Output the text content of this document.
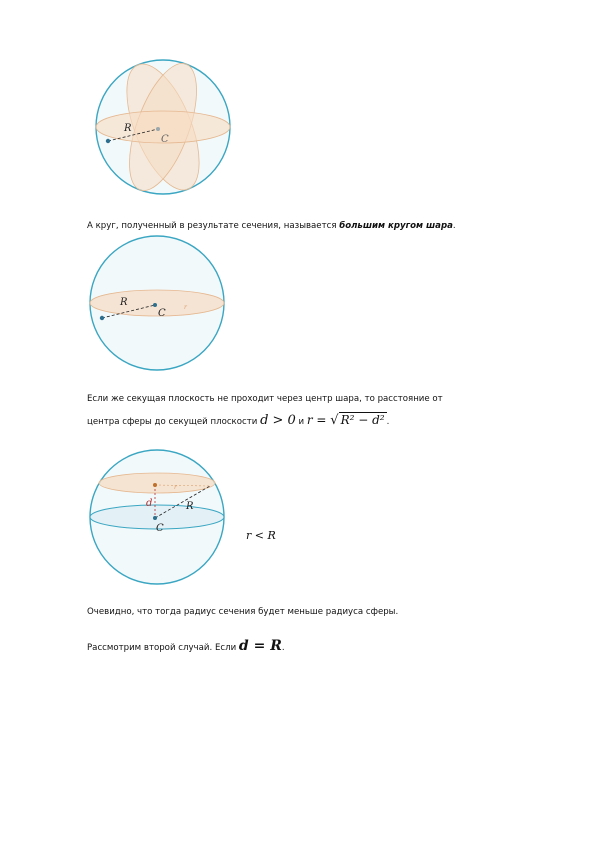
R
C
А круг, полученный в результате сечения, называется большим кругом шара.
R
C
r
Если же секущая плоскость не проходит через центр шара, то расстояние от
центра сферы до секущей плоскости d > 0 и r = √ R² − d² .
d	R
C
r
r < R
Очевидно, что тогда радиус сечения будет меньше радиуса сферы.
Рассмотрим второй случай. Если d = R.
